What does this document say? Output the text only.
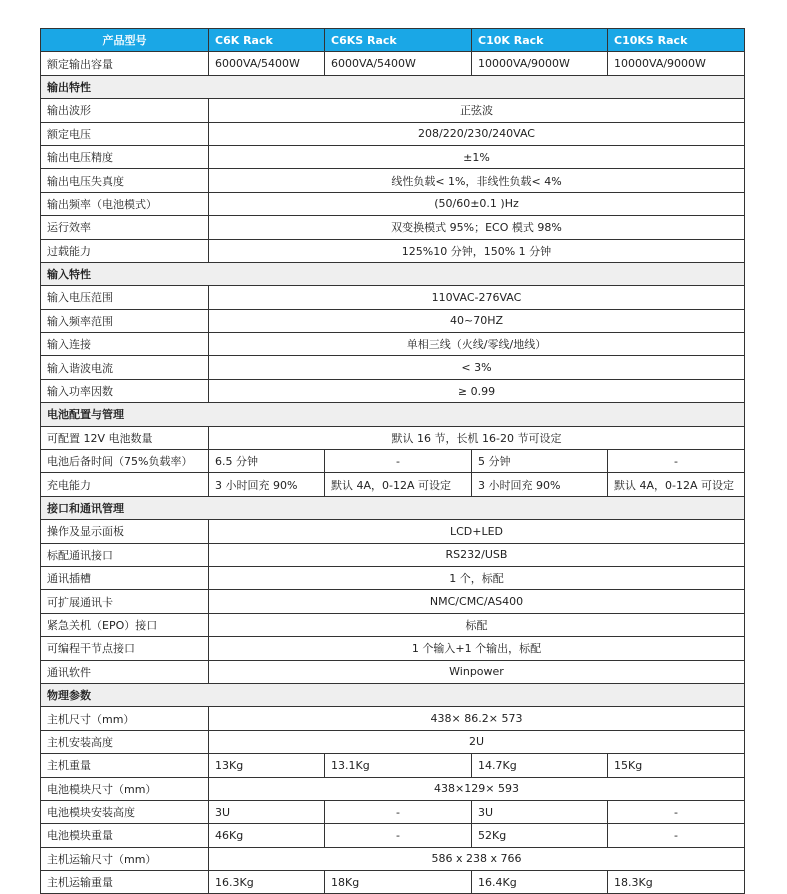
产品型号	C6K Rack	C6KS Rack	C10K Rack	C10KS Rack
额定输出容量	6000VA/5400W	6000VA/5400W	10000VA/9000W	10000VA/9000W
输出特性				
输出波形	正弦波			
额定电压	208/220/230/240VAC			
输出电压精度	±1%			
输出电压失真度	线性负载< 1%，非线性负载< 4%			
输出频率（电池模式）	(50/60±0.1 )Hz			
运行效率	双变换模式 95%；ECO 模式 98%			
过载能力	125%10 分钟，150% 1 分钟			
输入特性				
输入电压范围	110VAC-276VAC			
输入频率范围	40~70HZ			
输入连接	单相三线（火线/零线/地线）			
输入谐波电流	< 3%			
输入功率因数	≥ 0.99			
电池配置与管理				
可配置 12V 电池数量	默认 16 节，长机 16-20 节可设定			
电池后备时间（75%负载率）	6.5 分钟	-	5 分钟	-
充电能力	3 小时回充 90%	默认 4A，0-12A 可设定	3 小时回充 90%	默认 4A，0-12A 可设定
接口和通讯管理				
操作及显示面板	LCD+LED			
标配通讯接口	RS232/USB			
通讯插槽	1 个，标配			
可扩展通讯卡	NMC/CMC/AS400			
紧急关机（EPO）接口	标配			
可编程干节点接口	1 个输入+1 个输出，标配			
通讯软件	Winpower			
物理参数				
主机尺寸（mm）	438× 86.2× 573			
主机安装高度	2U			
主机重量	13Kg	13.1Kg	14.7Kg	15Kg
电池模块尺寸（mm）	438×129× 593			
电池模块安装高度	3U	-	3U	-
电池模块重量	46Kg	-	52Kg	-
主机运输尺寸（mm）	586 x 238 x 766			
主机运输重量	16.3Kg	18Kg	16.4Kg	18.3Kg
